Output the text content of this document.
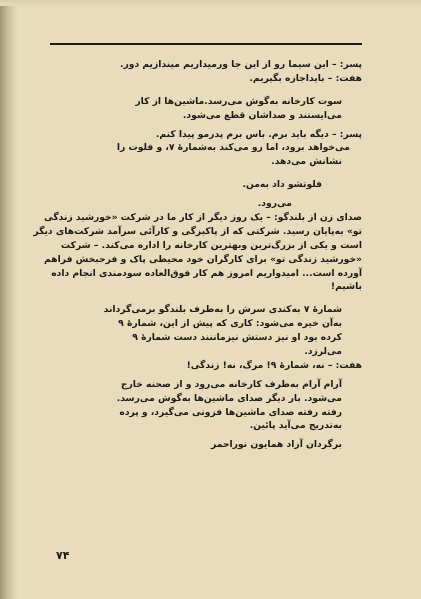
پسر: – این سیما رو از این جا ورمیداریم میندازیم دور.
هفت: – بایداجازه بگیریم.
سوت کارخانه به‌گوش می‌رسد.ماشین‌ها از کار
می‌ایستند و صداشان قطع می‌شود.
پسر: – دیگه باید برم. باس برم پدرمو پیدا کنم.
می‌خواهد برود، اما رو می‌کند به‌شمارهٔ ۷، و فلوت را
نشانش می‌دهد.
فلوتشو داد به‌من.
می‌رود.
صدای زن از بلندگو: – یک روز دیگر از کار ما در شرکت «خورشید زندگی
تو» به‌پایان رسید. شرکتی که از پاکیزگی و کارآئی سرآمد شرکت‌های دیگر
است و یکی از بزرگ‌ترین وبهترین کارخانه را اداره می‌کند. – شرکت
«خورشید زندگی تو» برای کارگران خود محیطی پاک و فرحبخش فراهم
آورده است... امیدواریم امروز هم کار فوق‌العاده سودمندی انجام داده
باشیم!
شمارهٔ ۷ به‌کندی سرش را به‌طرف بلندگو برمی‌گرداند
به‌آن خیره می‌شود: کاری که پیش از این، شمارهٔ ۹
کرده بود او نیز دستش نیزماننند دست شمارهٔ ۹
می‌لرزد.
هفت: – نه، شمارهٔ ۹! مرگ، نه! زندگی!
آرام آرام به‌طرف کارخانه می‌رود و از صحنه خارج
می‌شود. بار دیگر صدای ماشین‌ها به‌گوش می‌رسد.
رفته رفته صدای ماشین‌ها فزونی می‌گیرد، و پرده
به‌تدریج می‌آید پائین.
برگردان آزاد همایون نوراحمر
۷۴
